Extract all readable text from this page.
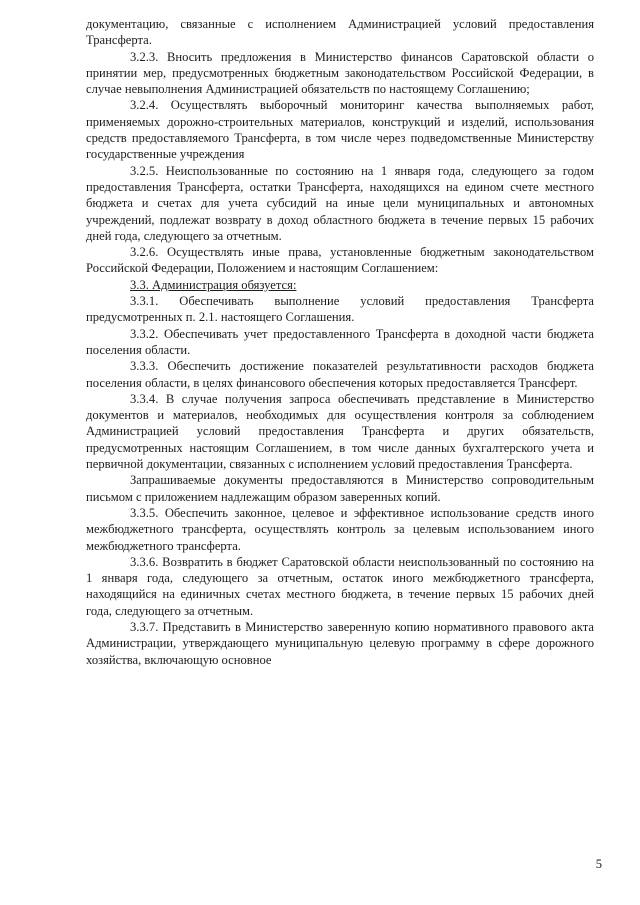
документацию, связанные с исполнением Администрацией условий предоставления Трансферта.

3.2.3. Вносить предложения в Министерство финансов Саратовской области о принятии мер, предусмотренных бюджетным законодательством Российской Федерации, в случае невыполнения Администрацией обязательств по настоящему Соглашению;

3.2.4. Осуществлять выборочный мониторинг качества выполняемых работ, применяемых дорожно-строительных материалов, конструкций и изделий, использования средств предоставляемого Трансферта, в том числе через подведомственные Министерству государственные учреждения

3.2.5. Неиспользованные по состоянию на 1 января года, следующего за годом предоставления Трансферта, остатки Трансферта, находящихся на едином счете местного бюджета и счетах для учета субсидий на иные цели муниципальных и автономных учреждений, подлежат возврату в доход областного бюджета в течение первых 15 рабочих дней года, следующего за отчетным.

3.2.6. Осуществлять иные права, установленные бюджетным законодательством Российской Федерации, Положением и настоящим Соглашением:

3.3. Администрация обязуется:

3.3.1. Обеспечивать выполнение условий предоставления Трансферта предусмотренных п. 2.1. настоящего Соглашения.

3.3.2. Обеспечивать учет предоставленного Трансферта в доходной части бюджета поселения области.

3.3.3. Обеспечить достижение показателей результативности расходов бюджета поселения области, в целях финансового обеспечения которых предоставляется Трансферт.

3.3.4. В случае получения запроса обеспечивать представление в Министерство документов и материалов, необходимых для осуществления контроля за соблюдением Администрацией условий предоставления Трансферта и других обязательств, предусмотренных настоящим Соглашением, в том числе данных бухгалтерского учета и первичной документации, связанных с исполнением условий предоставления Трансферта.

Запрашиваемые документы предоставляются в Министерство сопроводительным письмом с приложением надлежащим образом заверенных копий.

3.3.5. Обеспечить законное, целевое и эффективное использование средств иного межбюджетного трансферта, осуществлять контроль за целевым использованием иного межбюджетного трансферта.

3.3.6. Возвратить в бюджет Саратовской области неиспользованный по состоянию на 1 января года, следующего за отчетным, остаток иного межбюджетного трансферта, находящийся на единичных счетах местного бюджета, в течение первых 15 рабочих дней года, следующего за отчетным.

3.3.7. Представить в Министерство заверенную копию нормативного правового акта Администрации, утверждающего муниципальную целевую программу в сфере дорожного хозяйства, включающую основное

5
